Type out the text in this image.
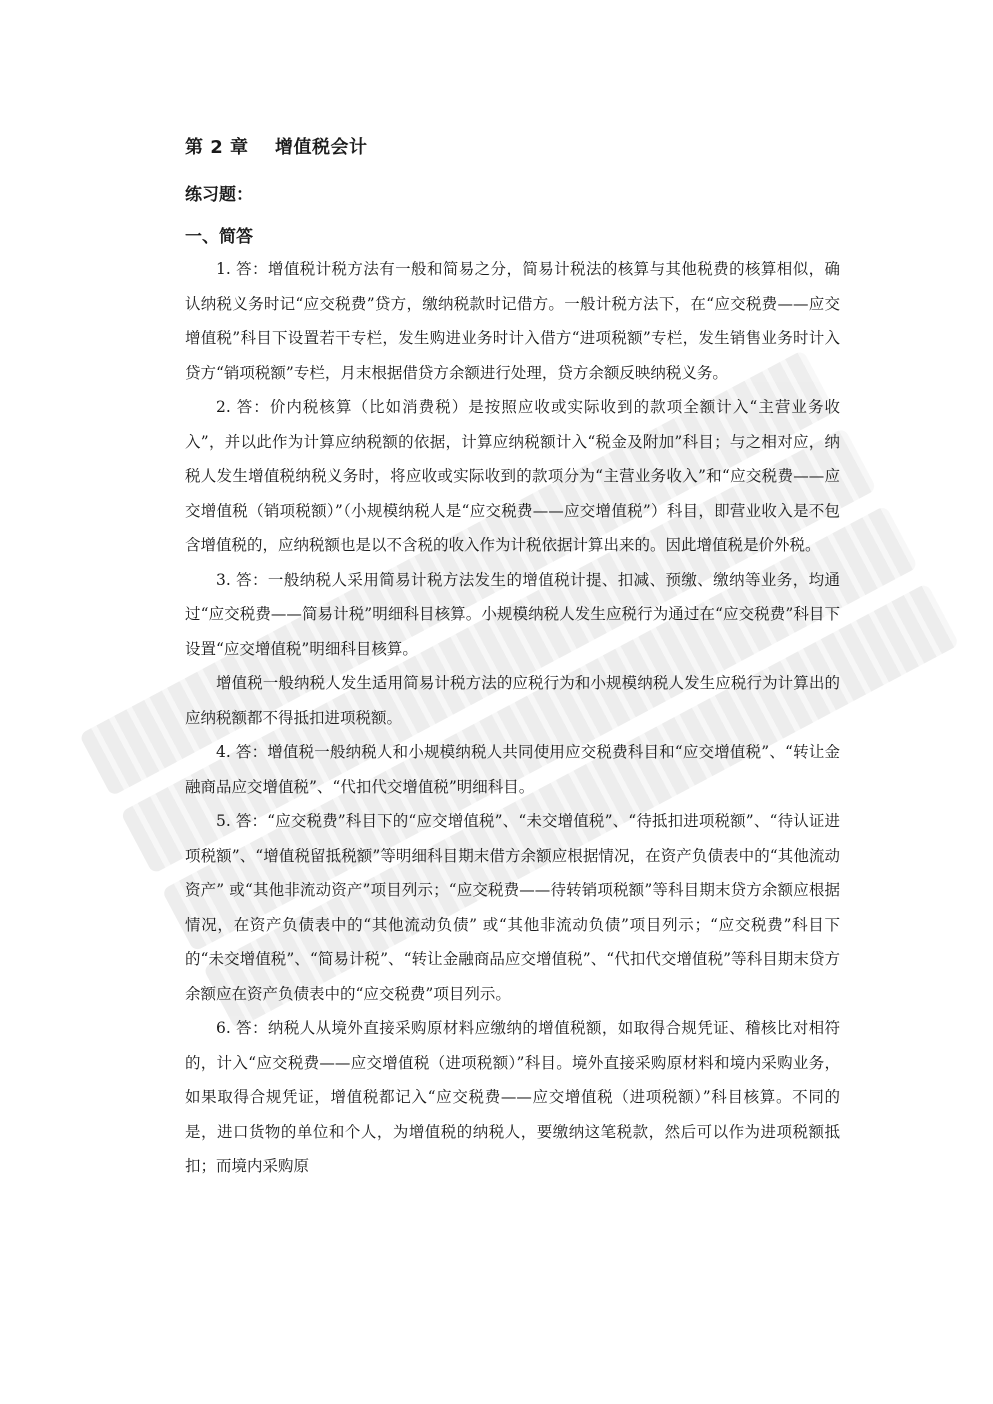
第 2 章	增值税会计
练习题：
一、简答

1. 答：增值税计税方法有一般和简易之分，简易计税法的核算与其他税费的核算相似，确认纳税义务时记“应交税费”贷方，缴纳税款时记借方。一般计税方法下，在“应交税费——应交增值税”科目下设置若干专栏，发生购进业务时计入借方“进项税额”专栏，发生销售业务时计入贷方“销项税额”专栏，月末根据借贷方余额进行处理，贷方余额反映纳税义务。

2. 答：价内税核算（比如消费税）是按照应收或实际收到的款项全额计入“主营业务收入”，并以此作为计算应纳税额的依据，计算应纳税额计入“税金及附加”科目；与之相对应，纳税人发生增值税纳税义务时，将应收或实际收到的款项分为“主营业务收入”和“应交税费——应交增值税（销项税额）”（小规模纳税人是“应交税费——应交增值税”）科目，即营业收入是不包含增值税的，应纳税额也是以不含税的收入作为计税依据计算出来的。因此增值税是价外税。

3. 答：一般纳税人采用简易计税方法发生的增值税计提、扣减、预缴、缴纳等业务，均通过“应交税费——简易计税”明细科目核算。小规模纳税人发生应税行为通过在“应交税费”科目下设置“应交增值税”明细科目核算。

增值税一般纳税人发生适用简易计税方法的应税行为和小规模纳税人发生应税行为计算出的应纳税额都不得抵扣进项税额。

4. 答：增值税一般纳税人和小规模纳税人共同使用应交税费科目和“应交增值税”、“转让金融商品应交增值税”、“代扣代交增值税”明细科目。

5. 答：“应交税费”科目下的“应交增值税”、“未交增值税”、“待抵扣进项税额”、“待认证进项税额”、“增值税留抵税额”等明细科目期末借方余额应根据情况，在资产负债表中的“其他流动资产” 或“其他非流动资产”项目列示；“应交税费——待转销项税额”等科目期末贷方余额应根据情况，在资产负债表中的“其他流动负债” 或“其他非流动负债”项目列示；“应交税费”科目下的“未交增值税”、“简易计税”、“转让金融商品应交增值税”、“代扣代交增值税”等科目期末贷方余额应在资产负债表中的“应交税费”项目列示。

6. 答：纳税人从境外直接采购原材料应缴纳的增值税额，如取得合规凭证、稽核比对相符的，计入“应交税费——应交增值税（进项税额）”科目。境外直接采购原材料和境内采购业务，如果取得合规凭证，增值税都记入“应交税费——应交增值税（进项税额）”科目核算。不同的是，进口货物的单位和个人，为增值税的纳税人，要缴纳这笔税款，然后可以作为进项税额抵扣；而境内采购原
